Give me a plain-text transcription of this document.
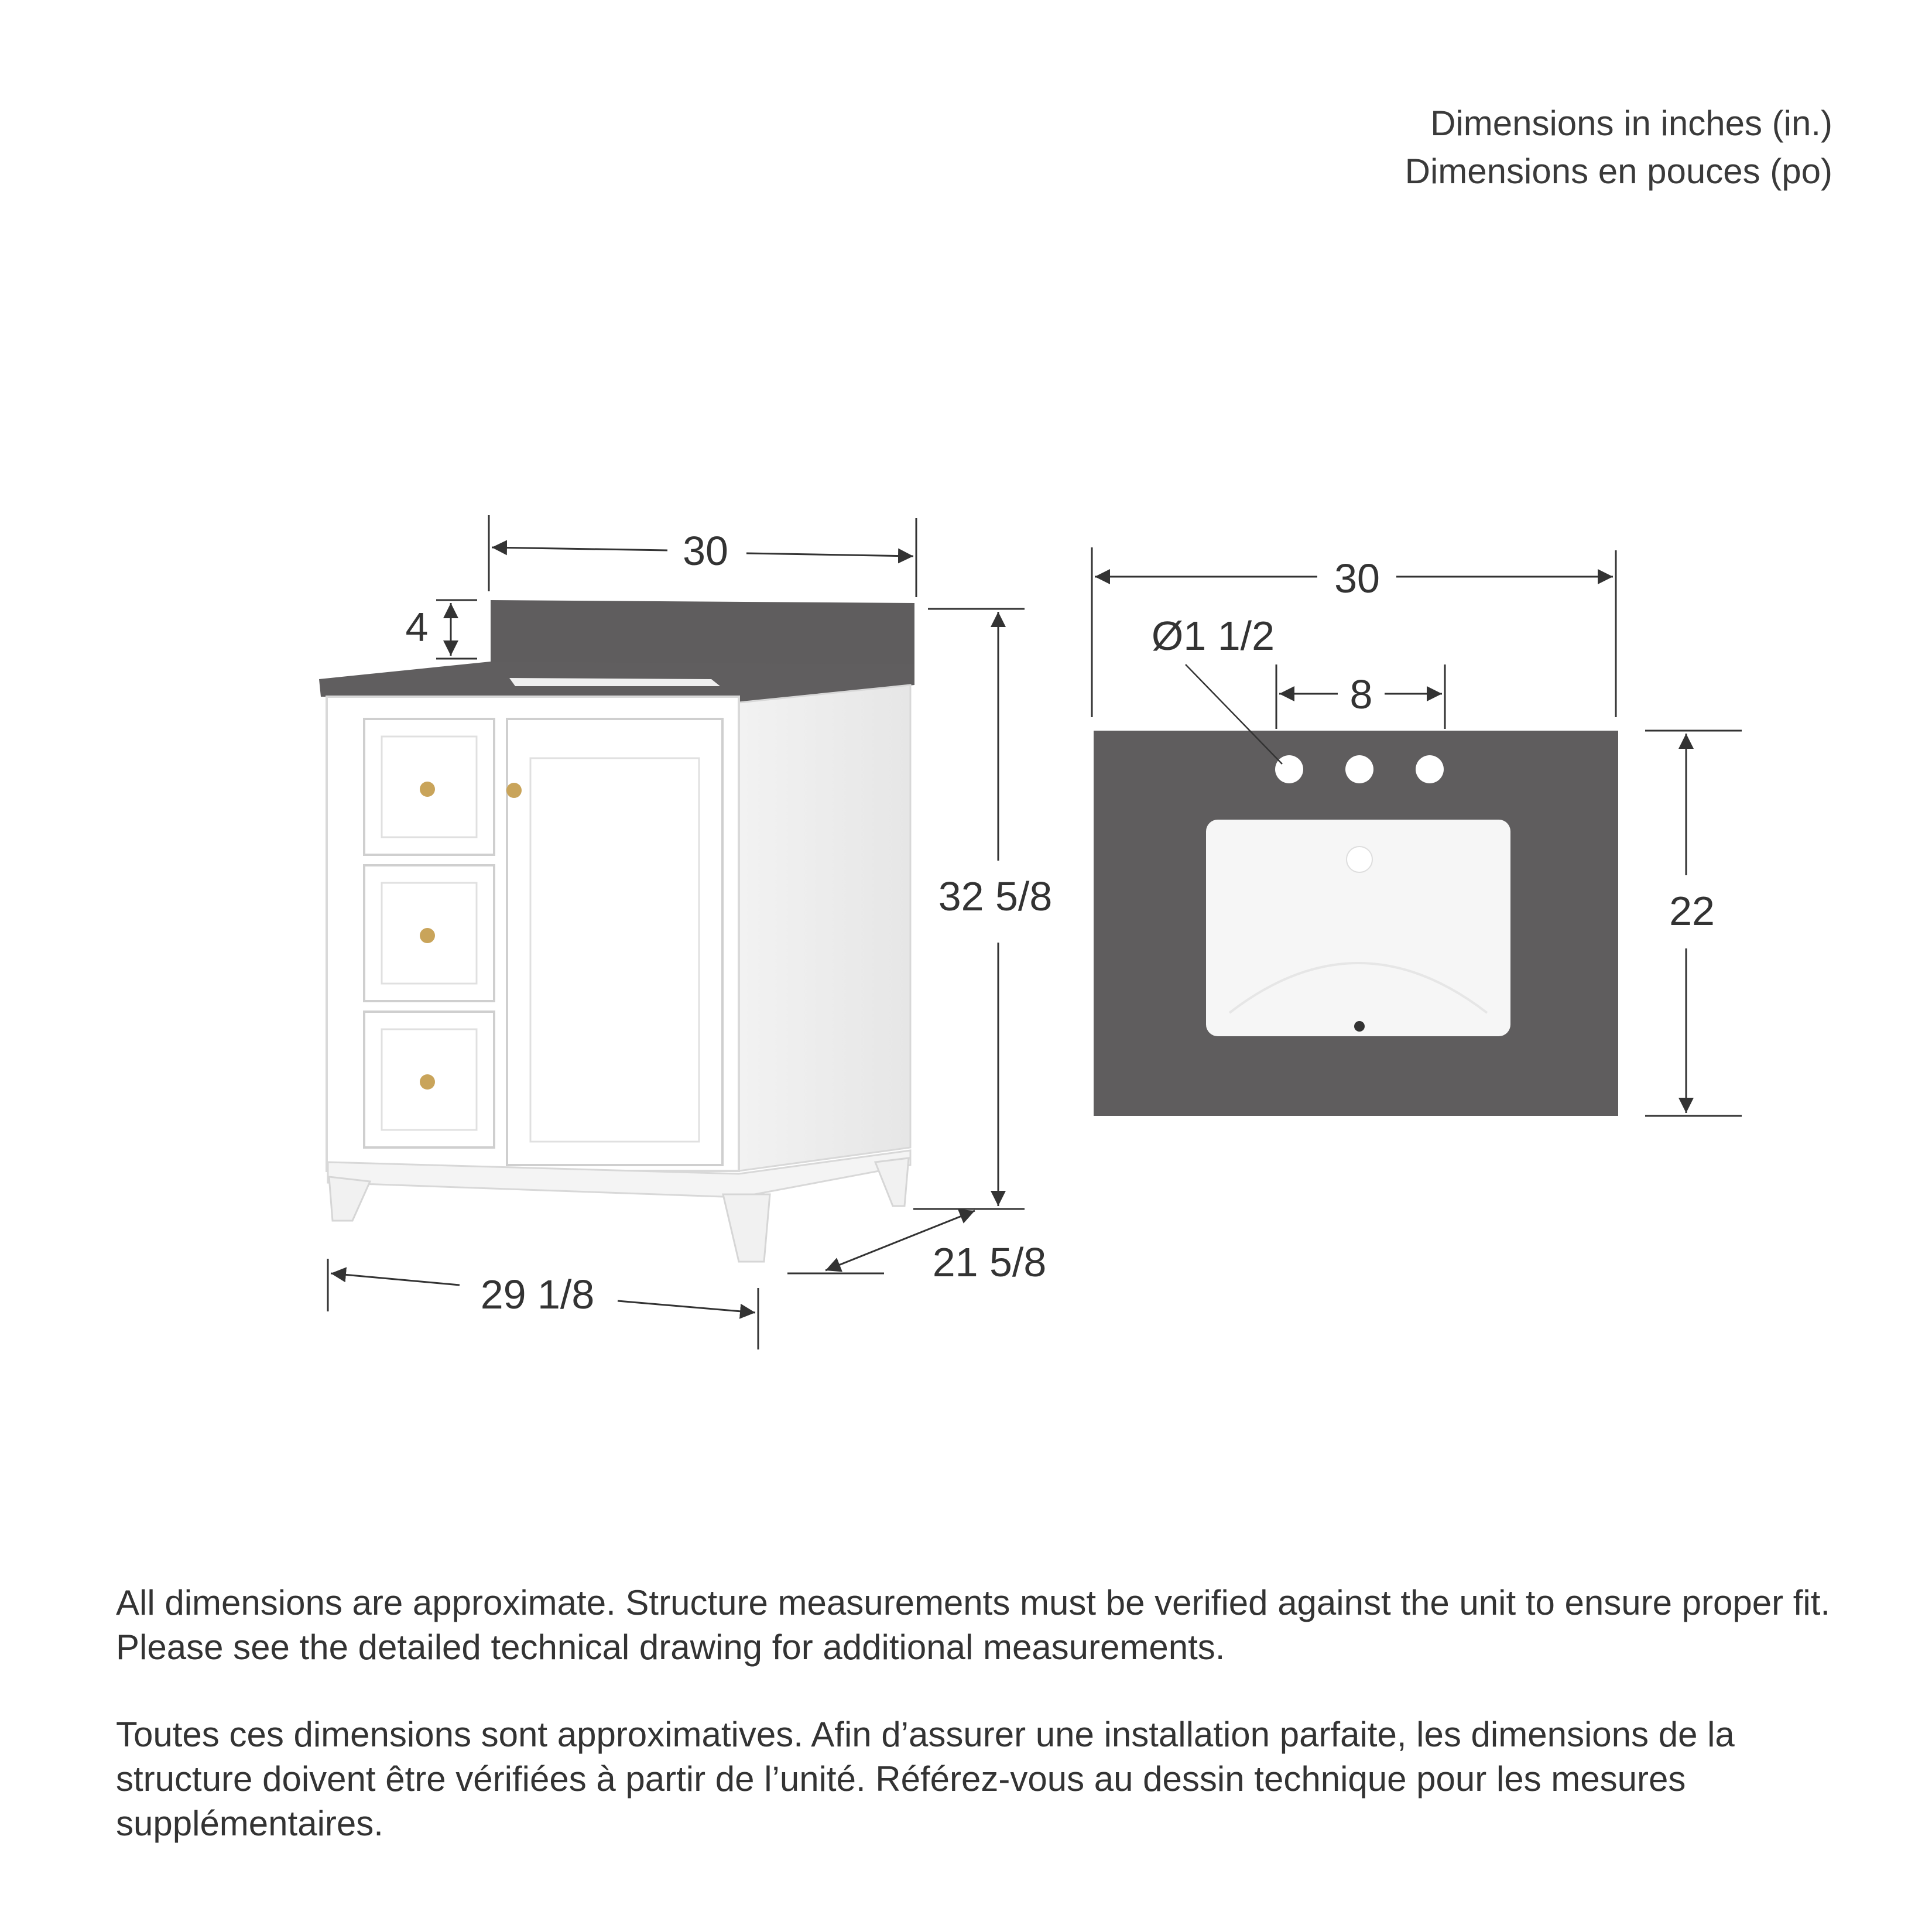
Dimensions in inches (in.)
Dimensions en pouces (po)
30
4
32 5/8
29 1/8
21 5/8
30
Ø1 1/2
8
22
All dimensions are approximate. Structure measurements must be verified against the unit to ensure proper fit. Please see the detailed technical drawing for additional measurements.
Toutes ces dimensions sont approximatives. Afin d’assurer une installation parfaite, les dimensions de la structure doivent être vérifiées à partir de l’unité. Référez-vous au dessin technique pour les mesures supplémentaires.
